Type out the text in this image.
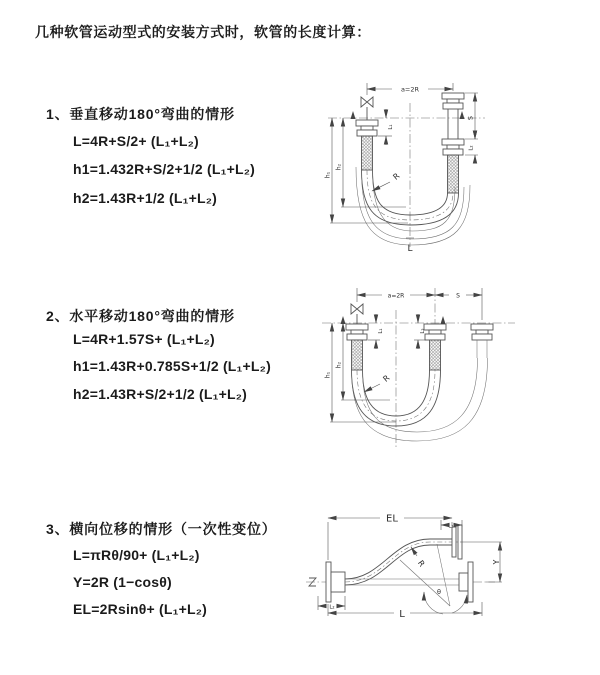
几种软管运动型式的安装方式时，软管的长度计算：
1、垂直移动180°弯曲的情形
L=4R+S/2+ (L₁+L₂)
h1=1.432R+S/2+1/2 (L₁+L₂)
h2=1.43R+1/2 (L₁+L₂)
2、水平移动180°弯曲的情形
L=4R+1.57S+ (L₁+L₂)
h1=1.43R+0.785S+1/2 (L₁+L₂)
h2=1.43R+S/2+1/2 (L₁+L₂)
3、横向位移的情形（一次性变位）
L=πRθ/90+ (L₁+L₂)
Y=2R (1−cosθ)
EL=2Rsinθ+ (L₁+L₂)
a=2R
R
L
h₁
h₂
L₁
S
L₂
a=2R	S
R
h₁
h₂
L₁	L₂
θ
R
EL
L₁
Y
L
L₂
